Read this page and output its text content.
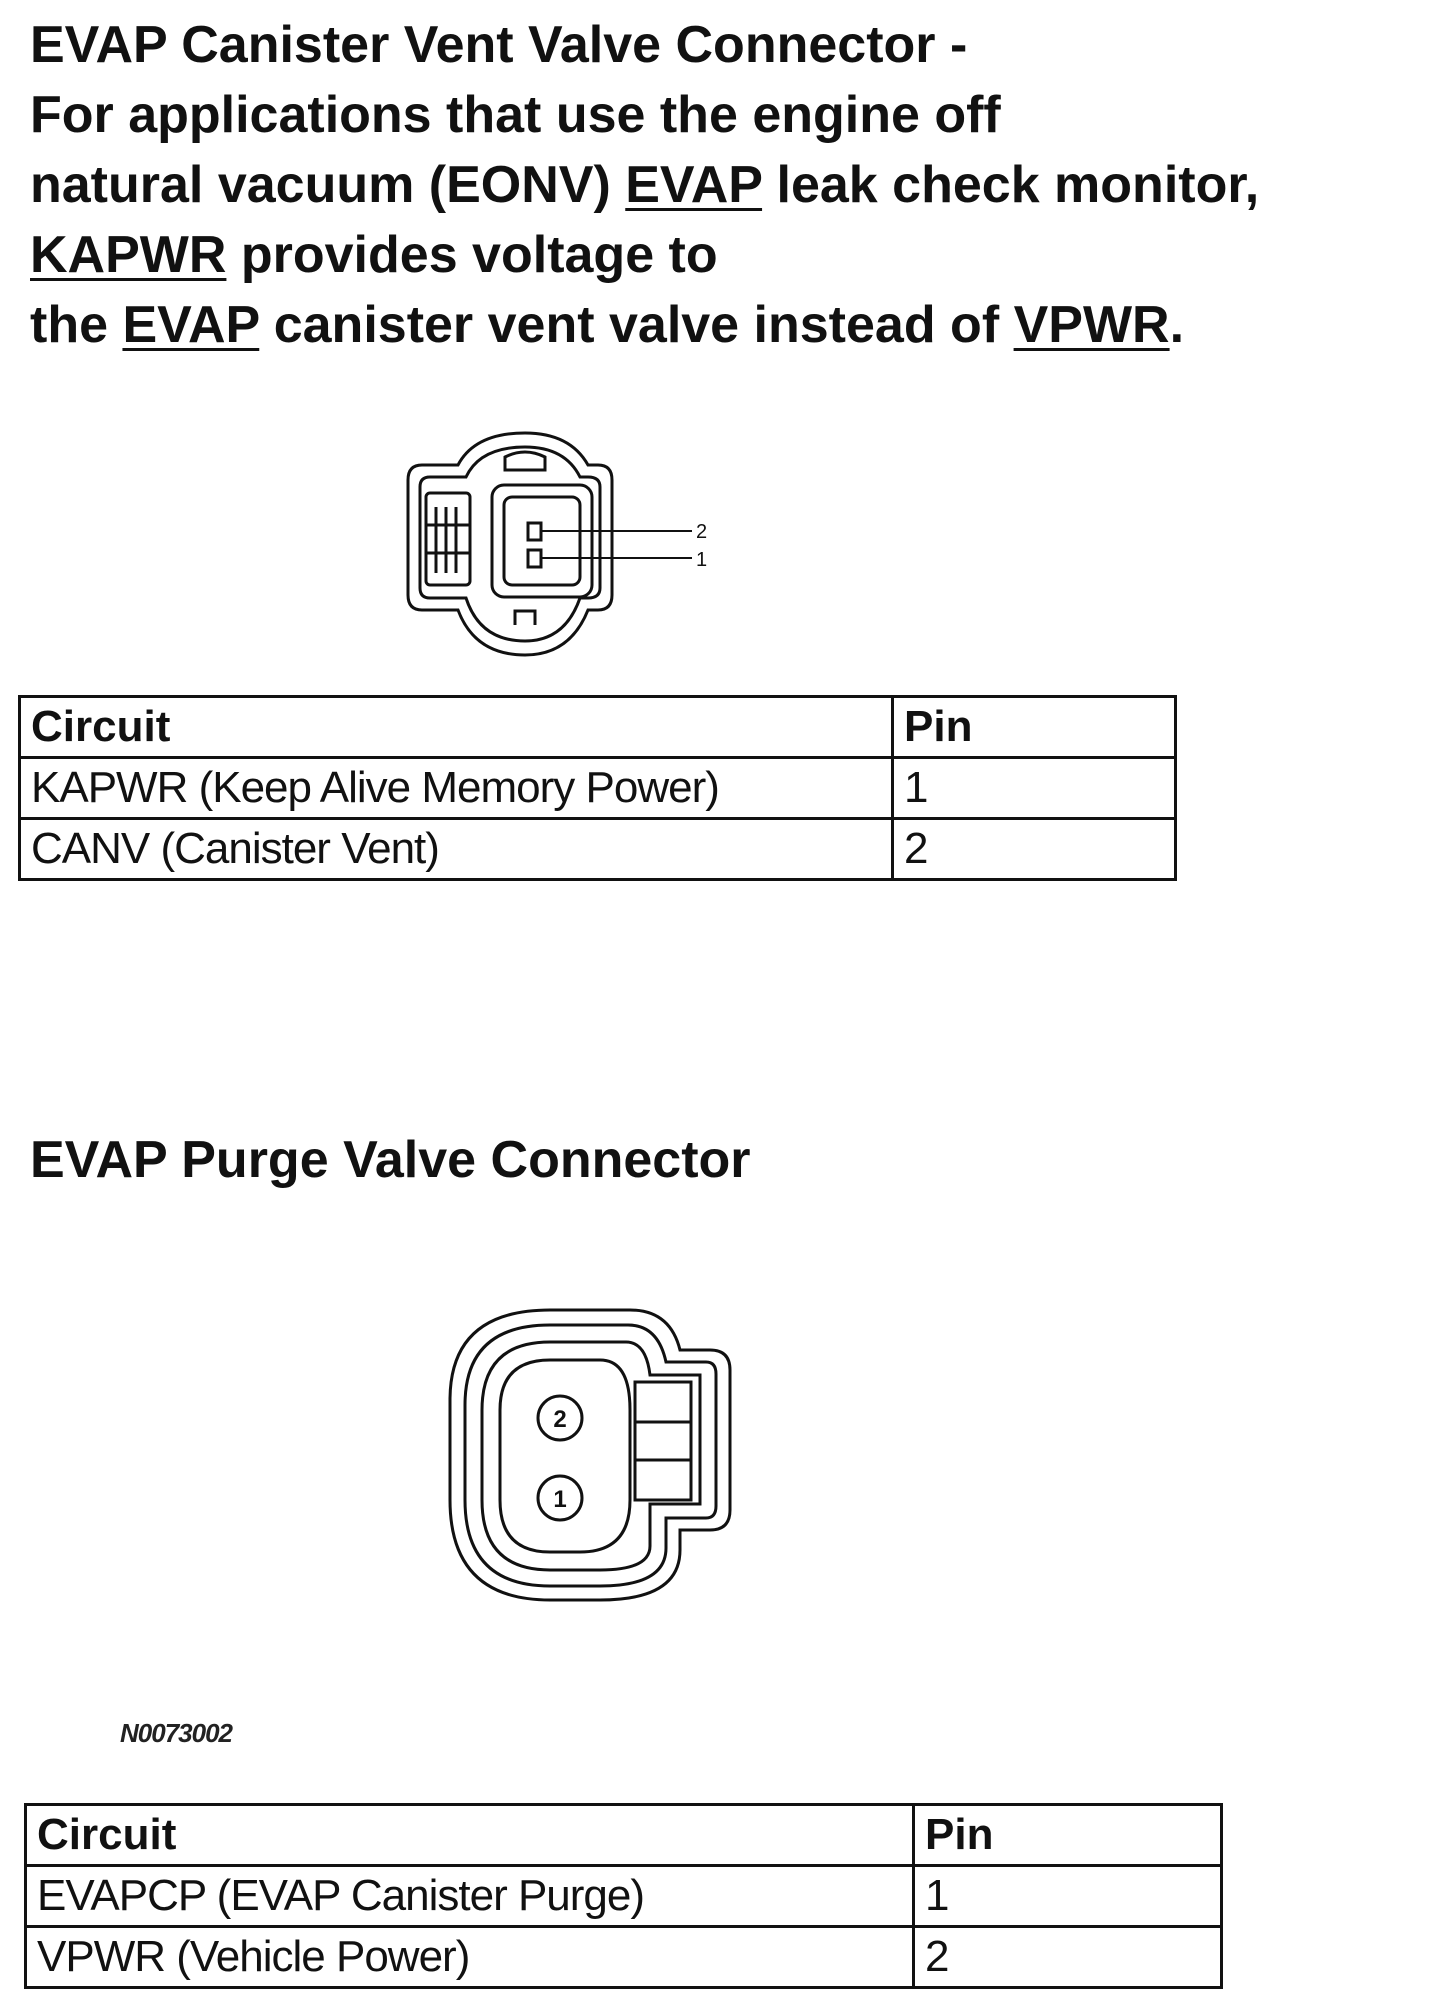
EVAP Canister Vent Valve Connector -
For applications that use the engine off
natural vacuum (EONV) EVAP leak check monitor,
KAPWR provides voltage to
the EVAP canister vent valve instead of VPWR.
2
1
Circuit	Pin
KAPWR (Keep Alive Memory Power)	1
CANV (Canister Vent)	2
EVAP Purge Valve Connector
2
1
N0073002
Circuit	Pin
EVAPCP (EVAP Canister Purge)	1
VPWR (Vehicle Power)	2
